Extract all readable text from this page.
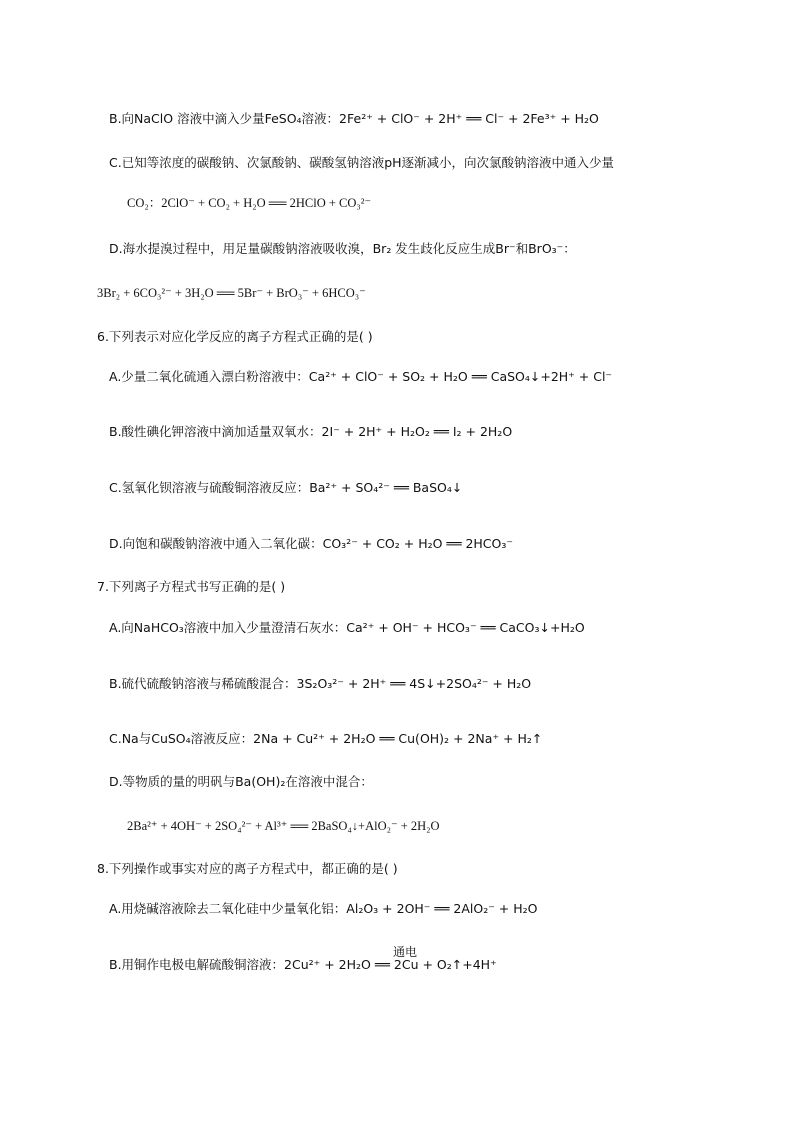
B.向NaClO 溶液中滴入少量FeSO₄溶液：2Fe²⁺ + ClO⁻ + 2H⁺ ══ Cl⁻ + 2Fe³⁺ + H₂O
C.已知等浓度的碳酸钠、次氯酸钠、碳酸氢钠溶液pH逐渐减小，向次氯酸钠溶液中通入少量
CO₂：2ClO⁻ + CO₂ + H₂O ══ 2HClO + CO₃²⁻
D.海水提溴过程中，用足量碳酸钠溶液吸收溴，Br₂ 发生歧化反应生成Br⁻和BrO₃⁻：
3Br₂ + 6CO₃²⁻ + 3H₂O ══ 5Br⁻ + BrO₃⁻ + 6HCO₃⁻
6.下列表示对应化学反应的离子方程式正确的是( )
A.少量二氧化硫通入漂白粉溶液中：Ca²⁺ + ClO⁻ + SO₂ + H₂O ══ CaSO₄↓+2H⁺ + Cl⁻
B.酸性碘化钾溶液中滴加适量双氧水：2I⁻ + 2H⁺ + H₂O₂ ══ I₂ + 2H₂O
C.氢氧化钡溶液与硫酸铜溶液反应：Ba²⁺ + SO₄²⁻ ══ BaSO₄↓
D.向饱和碳酸钠溶液中通入二氧化碳：CO₃²⁻ + CO₂ + H₂O ══ 2HCO₃⁻
7.下列离子方程式书写正确的是( )
A.向NaHCO₃溶液中加入少量澄清石灰水：Ca²⁺ + OH⁻ + HCO₃⁻ ══ CaCO₃↓+H₂O
B.硫代硫酸钠溶液与稀硫酸混合：3S₂O₃²⁻ + 2H⁺ ══ 4S↓+2SO₄²⁻ + H₂O
C.Na与CuSO₄溶液反应：2Na + Cu²⁺ + 2H₂O ══ Cu(OH)₂ + 2Na⁺ + H₂↑
D.等物质的量的明矾与Ba(OH)₂在溶液中混合：
2Ba²⁺ + 4OH⁻ + 2SO₄²⁻ + Al³⁺ ══ 2BaSO₄↓+AlO₂⁻ + 2H₂O
8.下列操作或事实对应的离子方程式中，都正确的是( )
A.用烧碱溶液除去二氧化硅中少量氧化铝：Al₂O₃ + 2OH⁻ ══ 2AlO₂⁻ + H₂O
通电
B.用铜作电极电解硫酸铜溶液：2Cu²⁺ + 2H₂O ══ 2Cu + O₂↑+4H⁺
